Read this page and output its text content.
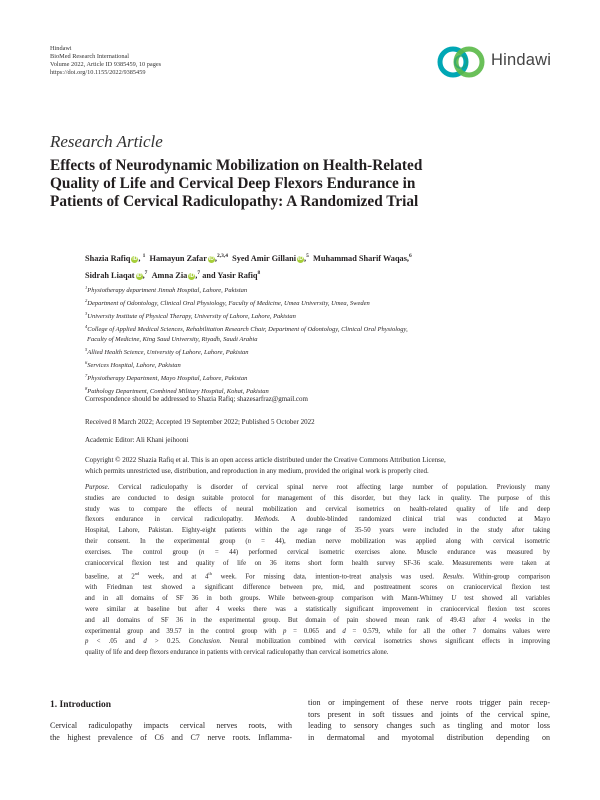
Hindawi
BioMed Research International
Volume 2022, Article ID 9385459, 10 pages
https://doi.org/10.1155/2022/9385459
Hindawi
Research Article
Effects of Neurodynamic Mobilization on Health-Related
Quality of Life and Cervical Deep Flexors Endurance in
Patients of Cervical Radiculopathy: A Randomized Trial
Shazia Rafiq iD, $^1$ Hamayun Zafar iD,$^{2,3,4}$ Syed Amir Gillani iD,$^5$ Muhammad Sharif Waqas,$^6$
Sidrah Liaqat iD,$^7$ Amna Zia iD,$^7$ and Yasir Rafiq$^8$
$^1$Physiotherapy department Jinnah Hospital, Lahore, Pakistan
$^2$Department of Odontology, Clinical Oral Physiology, Faculty of Medicine, Umea University, Umea, Sweden
$^3$University Institute of Physical Therapy, University of Lahore, Lahore, Pakistan
$^4$College of Applied Medical Sciences, Rehabilitation Research Chair, Department of Odontology, Clinical Oral Physiology,
Faculty of Medicine, King Saud University, Riyadh, Saudi Arabia
$^5$Allied Health Science, University of Lahore, Lahore, Pakistan
$^6$Services Hospital, Lahore, Pakistan
$^7$Physiotherapy Department, Mayo Hospital, Lahore, Pakistan
$^8$Pathology Department, Combined Military Hospital, Kohat, Pakistan
Correspondence should be addressed to Shazia Rafiq; shazesarfraz@gmail.com
Received 8 March 2022; Accepted 19 September 2022; Published 5 October 2022
Academic Editor: Ali Khani jeihooni
Copyright © 2022 Shazia Rafiq et al. This is an open access article distributed under the Creative Commons Attribution License,
which permits unrestricted use, distribution, and reproduction in any medium, provided the original work is properly cited.
Purpose. Cervical radiculopathy is disorder of cervical spinal nerve root affecting large number of population. Previously many
studies are conducted to design suitable protocol for management of this disorder, but they lack in quality. The purpose of this
study was to compare the effects of neural mobilization and cervical isometrics on health-related quality of life and deep
flexors endurance in cervical radiculopathy. Methods. A double-blinded randomized clinical trial was conducted at Mayo
Hospital, Lahore, Pakistan. Eighty-eight patients within the age range of 35-50 years were included in the study after taking
their consent. In the experimental group (n = 44), median nerve mobilization was applied along with cervical isometric
exercises. The control group (n = 44) performed cervical isometric exercises alone. Muscle endurance was measured by
craniocervical flexion test and quality of life on 36 items short form health survey SF-36 scale. Measurements were taken at
baseline, at 2nd week, and at 4th week. For missing data, intention-to-treat analysis was used. Results. Within-group comparison
with Friedman test showed a significant difference between pre, mid, and posttreatment scores on craniocervical flexion test
and in all domains of SF 36 in both groups. While between-group comparison with Mann-Whitney U test showed all variables
were similar at baseline but after 4 weeks there was a statistically significant improvement in craniocervical flexion test scores
and all domains of SF 36 in the experimental group. But domain of pain showed mean rank of 49.43 after 4 weeks in the
experimental group and 39.57 in the control group with p = 0.065 and d = 0.579, while for all the other 7 domains values were
p < .05 and d > 0.25. Conclusion. Neural mobilization combined with cervical isometrics shows significant effects in improving
quality of life and deep flexors endurance in patients with cervical radiculopathy than cervical isometrics alone.
1. Introduction
Cervical radiculopathy impacts cervical nerves roots, with
the highest prevalence of C6 and C7 nerve roots. Inflamma-
tion or impingement of these nerve roots trigger pain recep-
tors present in soft tissues and joints of the cervical spine,
leading to sensory changes such as tingling and motor loss
in dermatomal and myotomal distribution depending on
